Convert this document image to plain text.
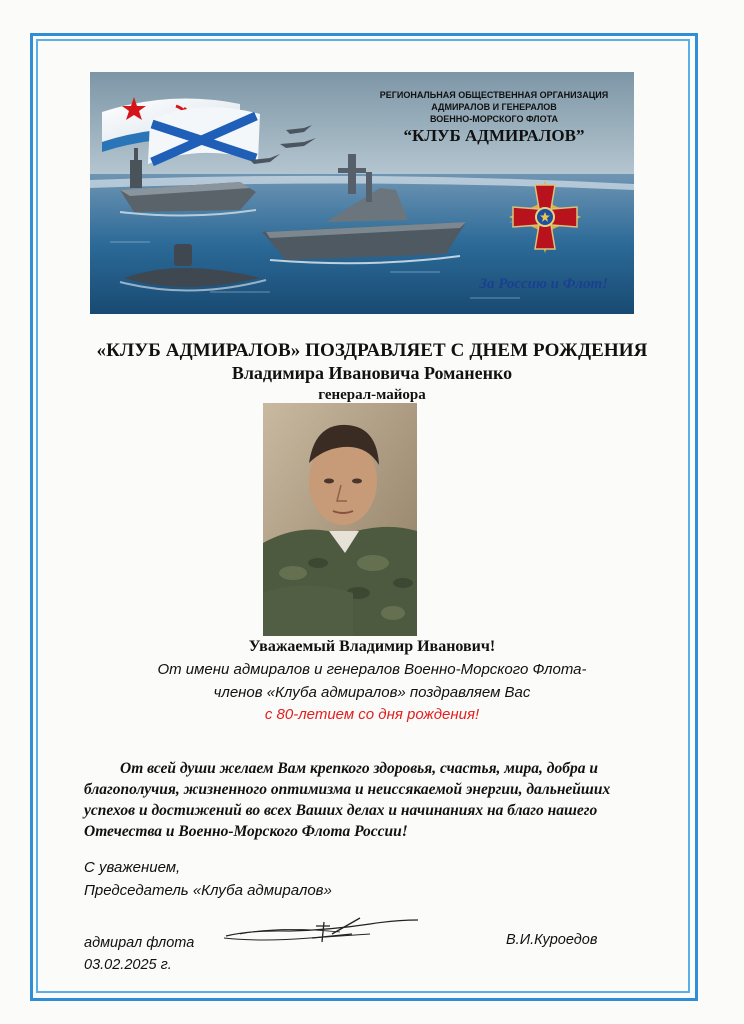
РЕГИОНАЛЬНАЯ ОБЩЕСТВЕННАЯ ОРГАНИЗАЦИЯ
АДМИРАЛОВ И ГЕНЕРАЛОВ
ВОЕННО-МОРСКОГО ФЛОТА
“КЛУБ АДМИРАЛОВ”
За Россию и Флот!
«КЛУБ АДМИРАЛОВ» ПОЗДРАВЛЯЕТ С ДНЕМ РОЖДЕНИЯ
Владимира Ивановича Романенко
генерал-майора
Уважаемый Владимир Иванович!
От имени адмиралов и генералов Военно-Морского Флота-
членов «Клуба адмиралов» поздравляем Вас
с 80-летием со дня рождения!
От всей души желаем Вам крепкого здоровья, счастья, мира, добра и благополучия, жизненного оптимизма и неиссякаемой энергии, дальнейших успехов и достижений во всех Ваших делах и начинаниях на благо нашего Отечества и Военно-Морского Флота России!
С уважением,
Председатель «Клуба адмиралов»
адмирал флота
03.02.2025 г.
В.И.Куроедов
